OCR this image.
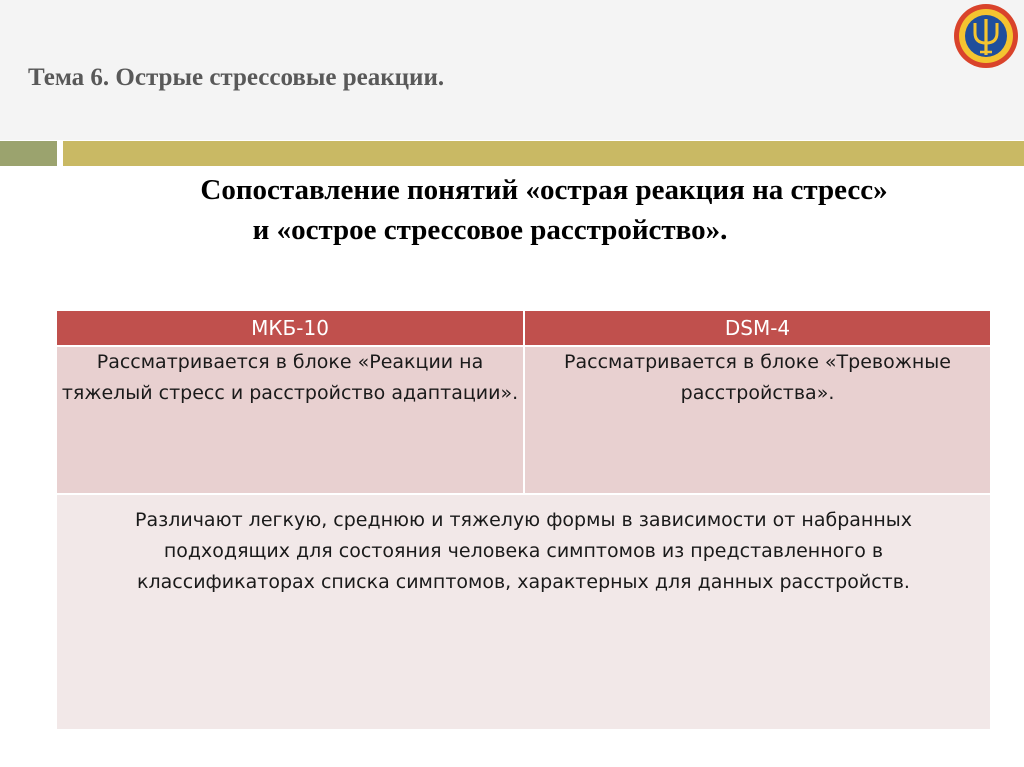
Тема 6. Острые стрессовые реакции.
Сопоставление понятий «острая реакция на стресс»
и «острое стрессовое расстройство».
МКБ-10	DSM-4
Рассматривается в блоке «Реакции на тяжелый стресс и расстройство адаптации».
Рассматривается в блоке «Тревожные расстройства».
Различают легкую, среднюю и тяжелую формы в зависимости от набранных подходящих для состояния человека симптомов из представленного в классификаторах списка симптомов, характерных для данных расстройств.
